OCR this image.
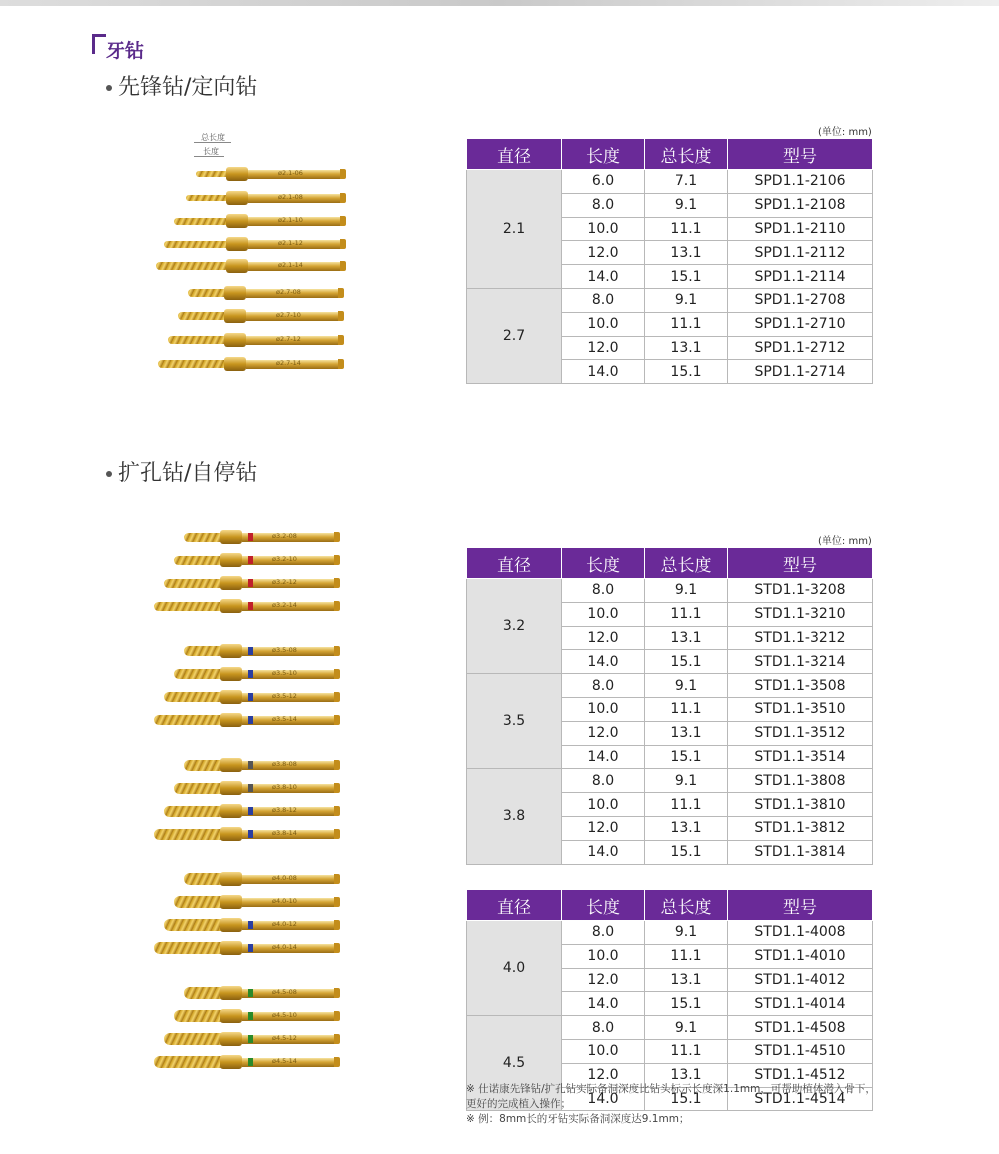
牙钻
先锋钻/定向钻
扩孔钻/自停钻
(单位: mm)
(单位: mm)
直径	长度	总长度	型号
2.1	6.0	7.1	SPD1.1-2106
	8.0	9.1	SPD1.1-2108
	10.0	11.1	SPD1.1-2110
	12.0	13.1	SPD1.1-2112
	14.0	15.1	SPD1.1-2114
2.7	8.0	9.1	SPD1.1-2708
	10.0	11.1	SPD1.1-2710
	12.0	13.1	SPD1.1-2712
	14.0	15.1	SPD1.1-2714
直径	长度	总长度	型号
3.2	8.0	9.1	STD1.1-3208
	10.0	11.1	STD1.1-3210
	12.0	13.1	STD1.1-3212
	14.0	15.1	STD1.1-3214
3.5	8.0	9.1	STD1.1-3508
	10.0	11.1	STD1.1-3510
	12.0	13.1	STD1.1-3512
	14.0	15.1	STD1.1-3514
3.8	8.0	9.1	STD1.1-3808
	10.0	11.1	STD1.1-3810
	12.0	13.1	STD1.1-3812
	14.0	15.1	STD1.1-3814
直径	长度	总长度	型号
4.0	8.0	9.1	STD1.1-4008
	10.0	11.1	STD1.1-4010
	12.0	13.1	STD1.1-4012
	14.0	15.1	STD1.1-4014
4.5	8.0	9.1	STD1.1-4508
	10.0	11.1	STD1.1-4510
	12.0	13.1	STD1.1-4512
	14.0	15.1	STD1.1-4514
总长度
长度
ø2.1-06
ø2.1-08
ø2.1-10
ø2.1-12
ø2.1-14
ø2.7-08
ø2.7-10
ø2.7-12
ø2.7-14
ø3.2-08
ø3.2-10
ø3.2-12
ø3.2-14
ø3.5-08
ø3.5-10
ø3.5-12
ø3.5-14
ø3.8-08
ø3.8-10
ø3.8-12
ø3.8-14
ø4.0-08
ø4.0-10
ø4.0-12
ø4.0-14
ø4.5-08
ø4.5-10
ø4.5-12
ø4.5-14
※ 仕诺康先锋钻/扩孔钻实际备洞深度比钻头标示长度深1.1mm，可帮助植体潜入骨下，更好的完成植入操作；
※ 例：8mm长的牙钻实际备洞深度达9.1mm；
